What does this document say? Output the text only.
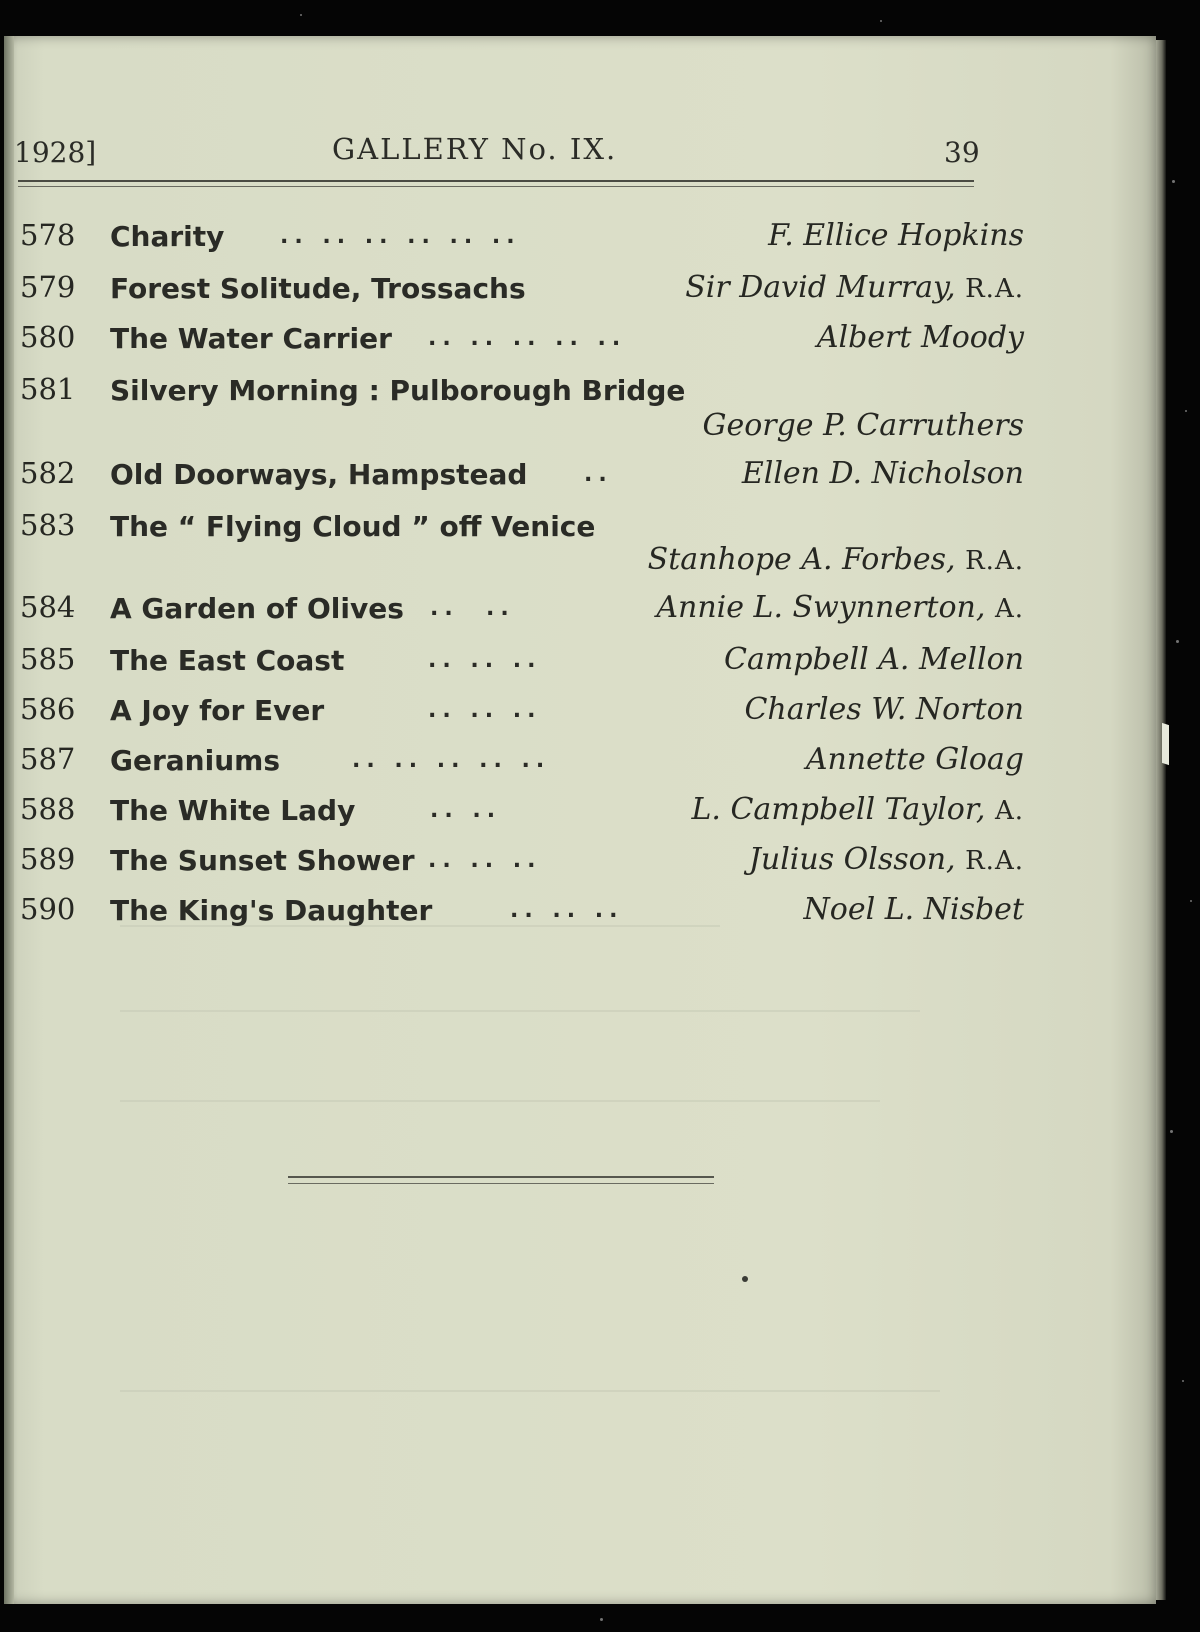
1928]	GALLERY No. IX.	39
578 Charity	.. .. .. .. .. ..	F. Ellice Hopkins
579 Forest Solitude, Trossachs	Sir David Murray, R.A.
580 The Water Carrier .. .. .. .. ..	Albert Moody
581 Silvery Morning : Pulborough Bridge
George P. Carruthers
582 Old Doorways, Hampstead	..	Ellen D. Nicholson
583 The “ Flying Cloud ” off Venice
Stanhope A. Forbes, R.A.
584 A Garden of Olives ..  ..	Annie L. Swynnerton, A.
585 The East Coast	.. .. ..	Campbell A. Mellon
586 A Joy for Ever	.. .. ..	Charles W. Norton
587 Geraniums	.. .. .. .. ..	Annette Gloag
588 The White Lady	.. ..	L. Campbell Taylor, A.
589 The Sunset Shower .. .. ..	Julius Olsson, R.A.
590 The King's Daughter	.. .. ..	Noel L. Nisbet
